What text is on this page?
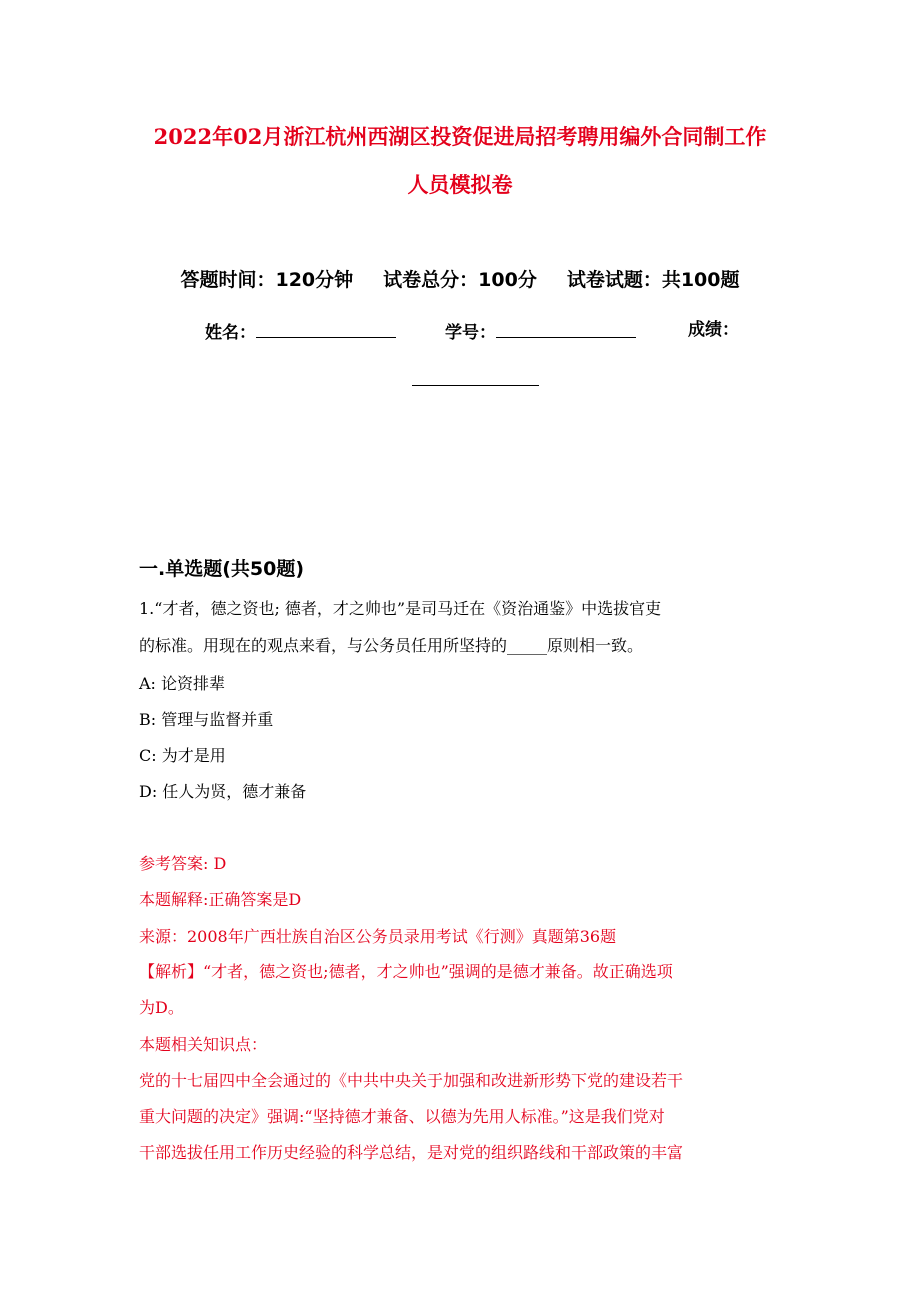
2022年02月浙江杭州西湖区投资促进局招考聘用编外合同制工作
人员模拟卷
答题时间：120分钟 试卷总分：100分 试卷试题：共100题
姓名：	学号：	成绩：
一.单选题(共50题)
1.“才者，德之资也; 德者，才之帅也”是司马迁在《资治通鉴》中选拔官吏
的标准。用现在的观点来看，与公务员任用所坚持的_____原则相一致。
A: 论资排辈
B: 管理与监督并重
C: 为才是用
D: 任人为贤，德才兼备
参考答案: D
本题解释:正确答案是D
来源：2008年广西壮族自治区公务员录用考试《行测》真题第36题
【解析】“才者，德之资也;德者，才之帅也”强调的是德才兼备。故正确选项
为D。
本题相关知识点：
党的十七届四中全会通过的《中共中央关于加强和改进新形势下党的建设若干
重大问题的决定》强调:“坚持德才兼备、以德为先用人标准。”这是我们党对
干部选拔任用工作历史经验的科学总结，是对党的组织路线和干部政策的丰富
